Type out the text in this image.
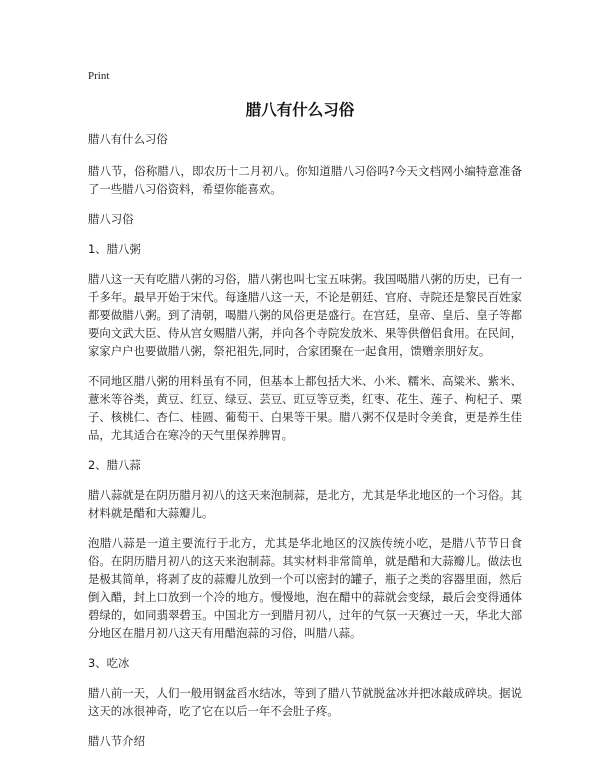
Print
腊八有什么习俗

腊八有什么习俗

腊八节，俗称腊八，即农历十二月初八。你知道腊八习俗吗?今天文档网小编特意准备了一些腊八习俗资料，希望你能喜欢。

腊八习俗

1、腊八粥

腊八这一天有吃腊八粥的习俗，腊八粥也叫七宝五味粥。我国喝腊八粥的历史，已有一千多年。最早开始于宋代。每逢腊八这一天，不论是朝廷、官府、寺院还是黎民百姓家都要做腊八粥。到了清朝，喝腊八粥的风俗更是盛行。在宫廷，皇帝、皇后、皇子等都要向文武大臣、侍从宫女赐腊八粥，并向各个寺院发放米、果等供僧侣食用。在民间，家家户户也要做腊八粥，祭祀祖先,同时，合家团聚在一起食用，馈赠亲朋好友。

不同地区腊八粥的用料虽有不同，但基本上都包括大米、小米、糯米、高粱米、紫米、薏米等谷类，黄豆、红豆、绿豆、芸豆、豇豆等豆类，红枣、花生、莲子、枸杞子、栗子、核桃仁、杏仁、桂圆、葡萄干、白果等干果。腊八粥不仅是时令美食，更是养生佳品，尤其适合在寒冷的天气里保养脾胃。

2、腊八蒜

腊八蒜就是在阴历腊月初八的这天来泡制蒜，是北方，尤其是华北地区的一个习俗。其材料就是醋和大蒜瓣儿。

泡腊八蒜是一道主要流行于北方，尤其是华北地区的汉族传统小吃，是腊八节节日食俗。在阴历腊月初八的这天来泡制蒜。其实材料非常简单，就是醋和大蒜瓣儿。做法也是极其简单，将剥了皮的蒜瓣儿放到一个可以密封的罐子，瓶子之类的容器里面，然后倒入醋，封上口放到一个冷的地方。慢慢地，泡在醋中的蒜就会变绿，最后会变得通体碧绿的，如同翡翠碧玉。中国北方一到腊月初八，过年的气氛一天赛过一天，华北大部分地区在腊月初八这天有用醋泡蒜的习俗，叫腊八蒜。

3、吃冰

腊八前一天，人们一般用钢盆舀水结冰，等到了腊八节就脱盆冰并把冰敲成碎块。据说这天的冰很神奇，吃了它在以后一年不会肚子疼。

腊八节介绍
